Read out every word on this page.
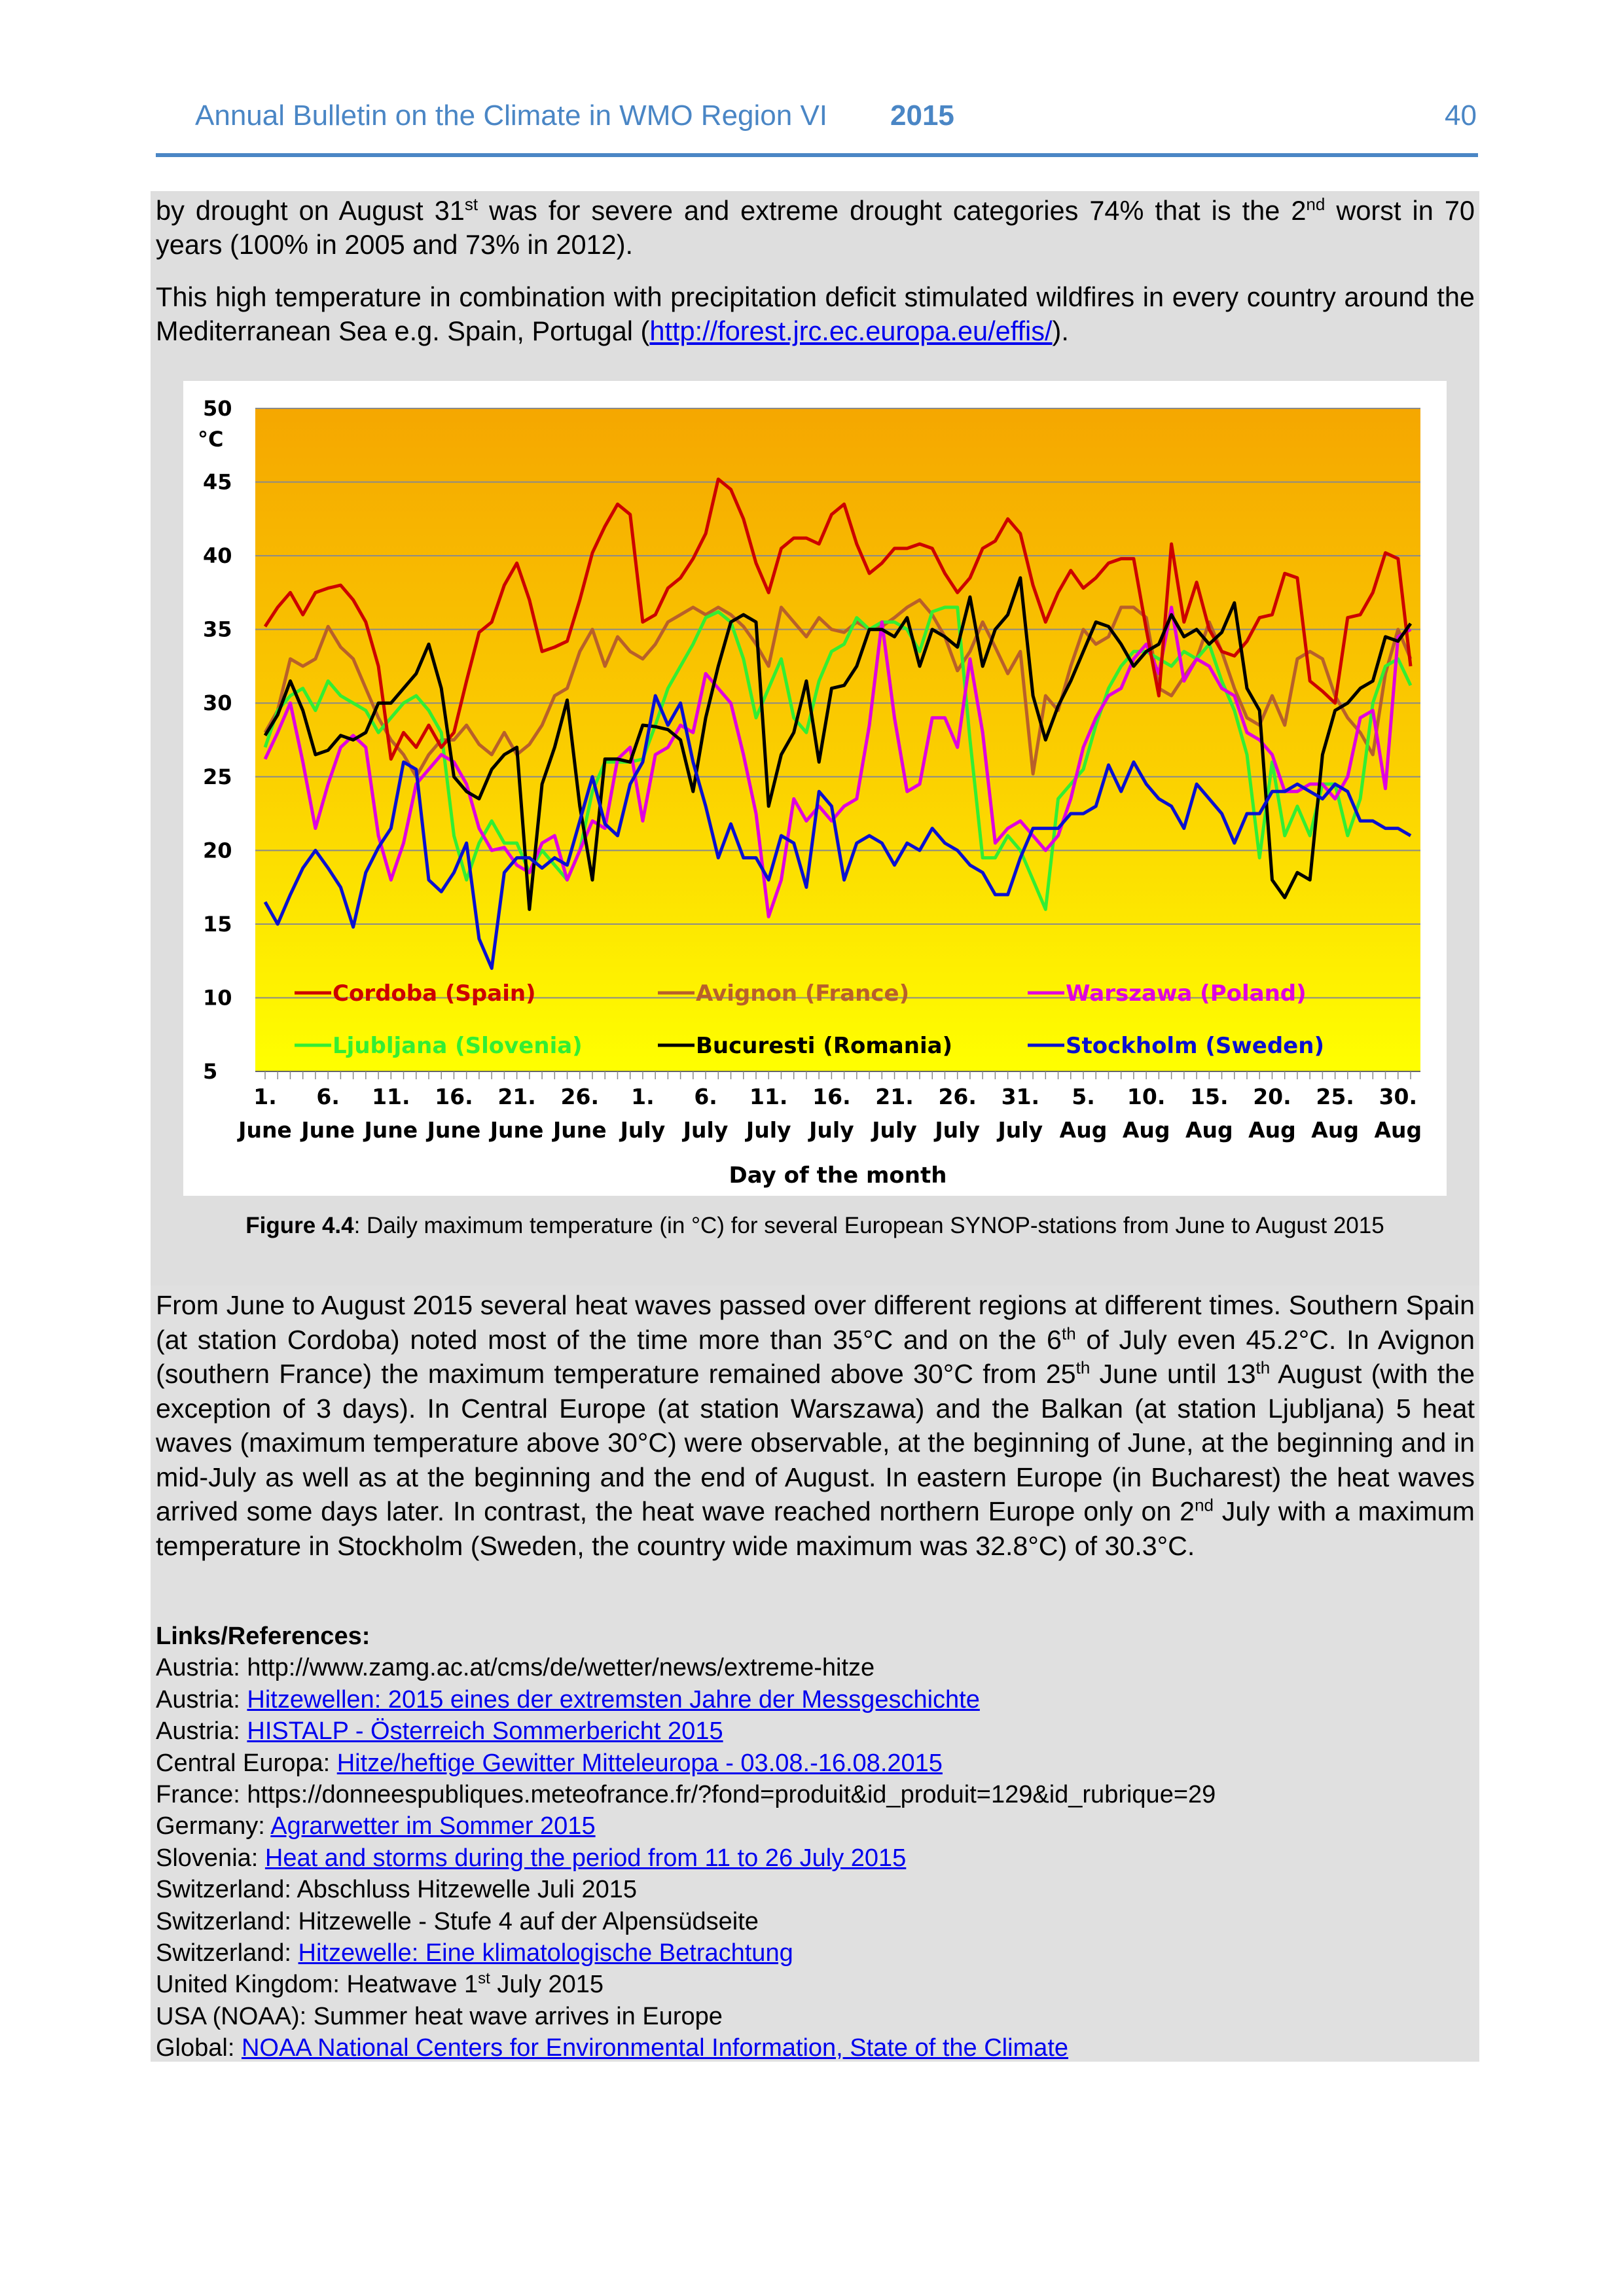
Annual Bulletin on the Climate in WMO Region VI 2015	40
by drought on August 31st was for severe and extreme drought categories 74% that is the 2nd worst in 70 years (100% in 2005 and 73% in 2012).
This high temperature in combination with precipitation deficit stimulated wildfires in every country around the Mediterranean Sea e.g. Spain, Portugal (http://forest.jrc.ec.europa.eu/effis/).
5
10
15
20
25
30
35
40
45
50
1.
June
6.
June
11.
June
16.
June
21.
June
26.
June
1.
July
6.
July
11.
July
16.
July
21.
July
26.
July
31.
July
5.
Aug
10.
Aug
15.
Aug
20.
Aug
25.
Aug
30.
Aug
Cordoba (Spain)	Avignon (France)	Warszawa (Poland)
Ljubljana (Slovenia)	Bucuresti (Romania)	Stockholm (Sweden)
°C
Day of the month
Figure 4.4: Daily maximum temperature (in °C) for several European SYNOP-stations from June to August 2015
From June to August 2015 several heat waves passed over different regions at different times. Southern Spain (at station Cordoba) noted most of the time more than 35°C and on the 6th of July even 45.2°C. In Avignon (southern France) the maximum temperature remained above 30°C from 25th June until 13th August (with the exception of 3 days). In Central Europe (at station Warszawa) and the Balkan (at station Ljubljana) 5 heat waves (maximum temperature above 30°C) were observable, at the beginning of June, at the beginning and in mid-July as well as at the beginning and the end of August. In eastern Europe (in Bucharest) the heat waves arrived some days later. In contrast, the heat wave reached northern Europe only on 2nd July with a maximum temperature in Stockholm (Sweden, the country wide maximum was 32.8°C) of 30.3°C.
Links/References:
Austria: http://www.zamg.ac.at/cms/de/wetter/news/extreme-hitze
Austria: Hitzewellen: 2015 eines der extremsten Jahre der Messgeschichte
Austria: HISTALP - Österreich Sommerbericht 2015
Central Europa: Hitze/heftige Gewitter Mitteleuropa - 03.08.-16.08.2015
France: https://donneespubliques.meteofrance.fr/?fond=produit&id_produit=129&id_rubrique=29
Germany: Agrarwetter im Sommer 2015
Slovenia: Heat and storms during the period from 11 to 26 July 2015
Switzerland: Abschluss Hitzewelle Juli 2015
Switzerland: Hitzewelle - Stufe 4 auf der Alpensüdseite
Switzerland: Hitzewelle: Eine klimatologische Betrachtung
United Kingdom: Heatwave 1st July 2015
USA (NOAA): Summer heat wave arrives in Europe
Global: NOAA National Centers for Environmental Information, State of the Climate
